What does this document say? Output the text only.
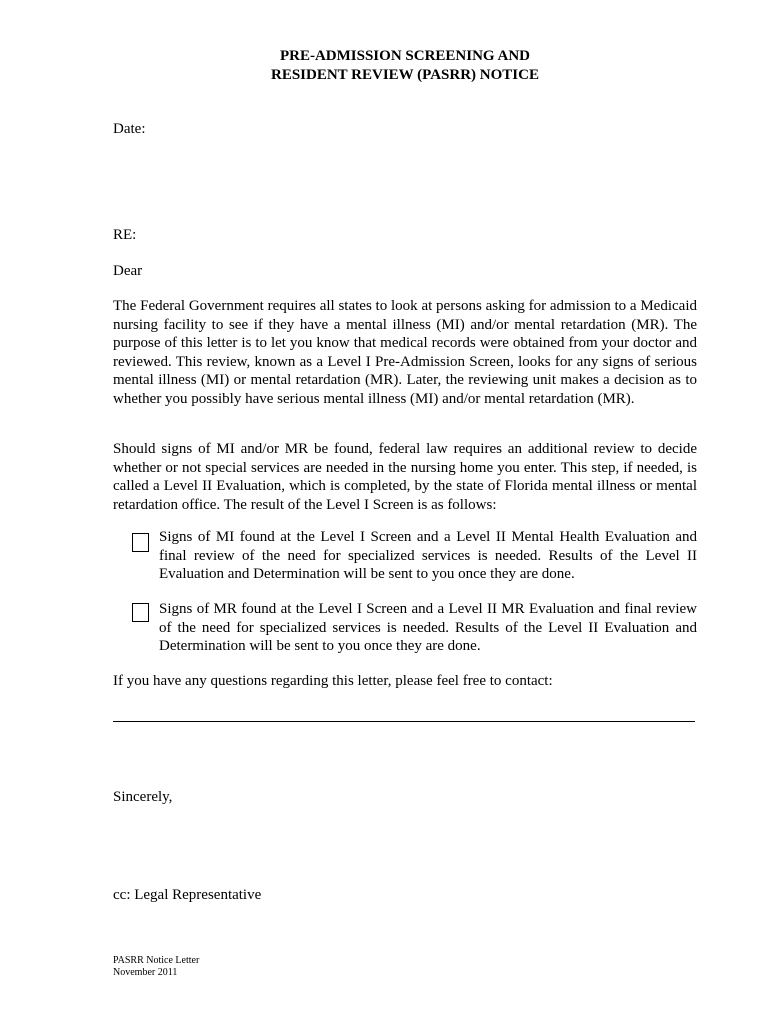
PRE-ADMISSION SCREENING AND
RESIDENT REVIEW (PASRR) NOTICE
Date:
RE:
Dear
The Federal Government requires all states to look at persons asking for admission to a Medicaid nursing facility to see if they have a mental illness (MI) and/or mental retardation (MR). The purpose of this letter is to let you know that medical records were obtained from your doctor and reviewed. This review, known as a Level I Pre-Admission Screen, looks for any signs of serious mental illness (MI) or mental retardation (MR). Later, the reviewing unit makes a decision as to whether you possibly have serious mental illness (MI) and/or mental retardation (MR).
Should signs of MI and/or MR be found, federal law requires an additional review to decide whether or not special services are needed in the nursing home you enter. This step, if needed, is called a Level II Evaluation, which is completed, by the state of Florida mental illness or mental retardation office. The result of the Level I Screen is as follows:
Signs of MI found at the Level I Screen and a Level II Mental Health Evaluation and final review of the need for specialized services is needed. Results of the Level II Evaluation and Determination will be sent to you once they are done.
Signs of MR found at the Level I Screen and a Level II MR Evaluation and final review of the need for specialized services is needed. Results of the Level II Evaluation and Determination will be sent to you once they are done.
If you have any questions regarding this letter, please feel free to contact:
Sincerely,
cc: Legal Representative
PASRR Notice Letter
November 2011
